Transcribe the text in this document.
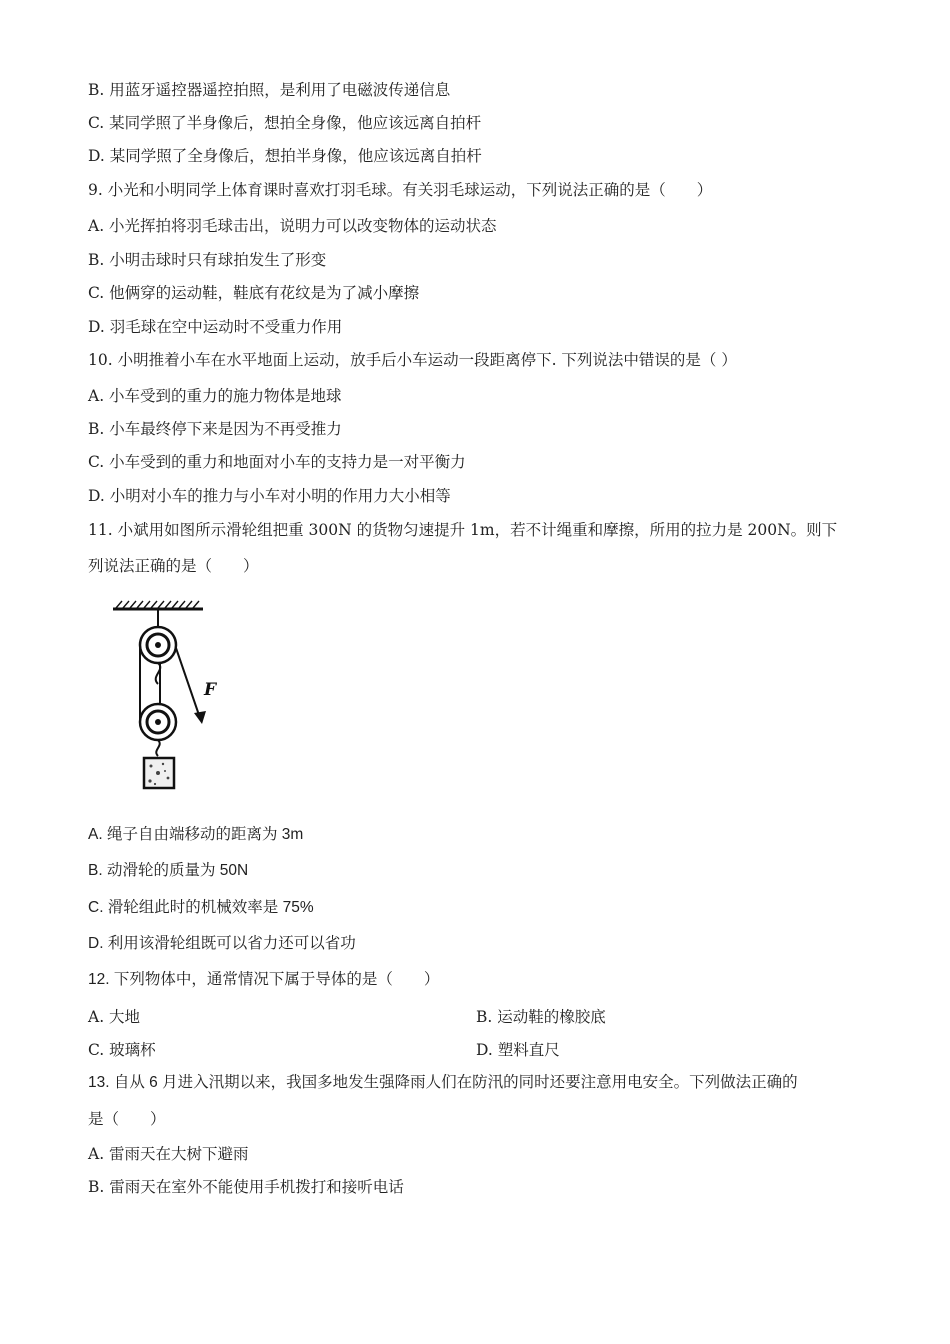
B. 用蓝牙遥控器遥控拍照，是利用了电磁波传递信息
C. 某同学照了半身像后，想拍全身像，他应该远离自拍杆
D. 某同学照了全身像后，想拍半身像，他应该远离自拍杆
9. 小光和小明同学上体育课时喜欢打羽毛球。有关羽毛球运动，下列说法正确的是（　　）
A. 小光挥拍将羽毛球击出，说明力可以改变物体的运动状态
B. 小明击球时只有球拍发生了形变
C. 他俩穿的运动鞋，鞋底有花纹是为了减小摩擦
D. 羽毛球在空中运动时不受重力作用
10. 小明推着小车在水平地面上运动，放手后小车运动一段距离停下. 下列说法中错误的是（ ）
A. 小车受到的重力的施力物体是地球
B. 小车最终停下来是因为不再受推力
C. 小车受到的重力和地面对小车的支持力是一对平衡力
D. 小明对小车的推力与小车对小明的作用力大小相等
11. 小斌用如图所示滑轮组把重 300N 的货物匀速提升 1m，若不计绳重和摩擦，所用的拉力是 200N。则下
列说法正确的是（　　）
F
A. 绳子自由端移动的距离为 3m
B. 动滑轮的质量为 50N
C. 滑轮组此时的机械效率是 75%
D. 利用该滑轮组既可以省力还可以省功
12. 下列物体中，通常情况下属于导体的是（　　）
A. 大地	B. 运动鞋的橡胶底
C. 玻璃杯	D. 塑料直尺
13. 自从 6 月进入汛期以来，我国多地发生强降雨人们在防汛的同时还要注意用电安全。下列做法正确的
是（　　）
A. 雷雨天在大树下避雨
B. 雷雨天在室外不能使用手机拨打和接听电话
